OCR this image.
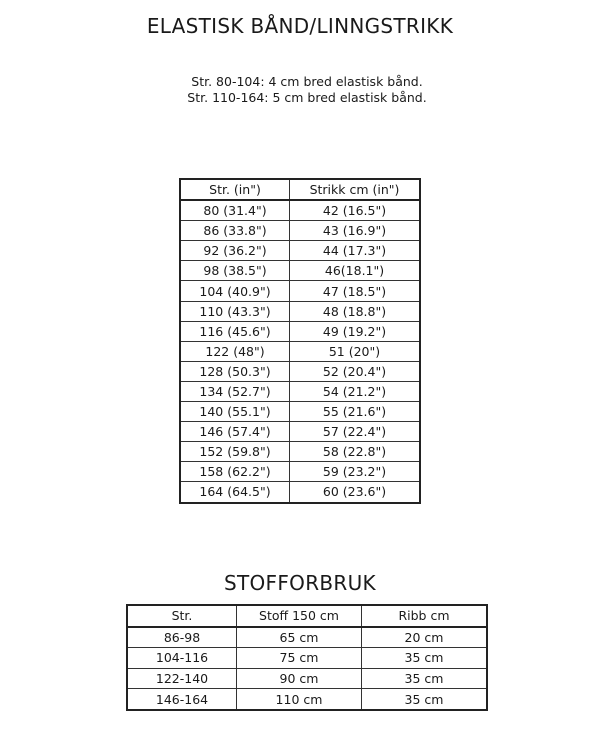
ELASTISK BÅND/LINNGSTRIKK
Str. 80-104: 4 cm bred elastisk bånd.
Str. 110-164: 5 cm bred elastisk bånd.
Str. (in")	Strikk cm (in")
80 (31.4")	42 (16.5")
86 (33.8")	43 (16.9")
92 (36.2")	44 (17.3")
98 (38.5")	46(18.1")
104 (40.9")	47 (18.5")
110 (43.3")	48 (18.8")
116 (45.6")	49 (19.2")
122 (48")	51 (20")
128 (50.3")	52 (20.4")
134 (52.7")	54 (21.2")
140 (55.1")	55 (21.6")
146 (57.4")	57 (22.4")
152 (59.8")	58 (22.8")
158 (62.2")	59 (23.2")
164 (64.5")	60 (23.6")
STOFFORBRUK
Str.	Stoff 150 cm	Ribb cm
86-98	65 cm	20 cm
104-116	75 cm	35 cm
122-140	90 cm	35 cm
146-164	110 cm	35 cm
